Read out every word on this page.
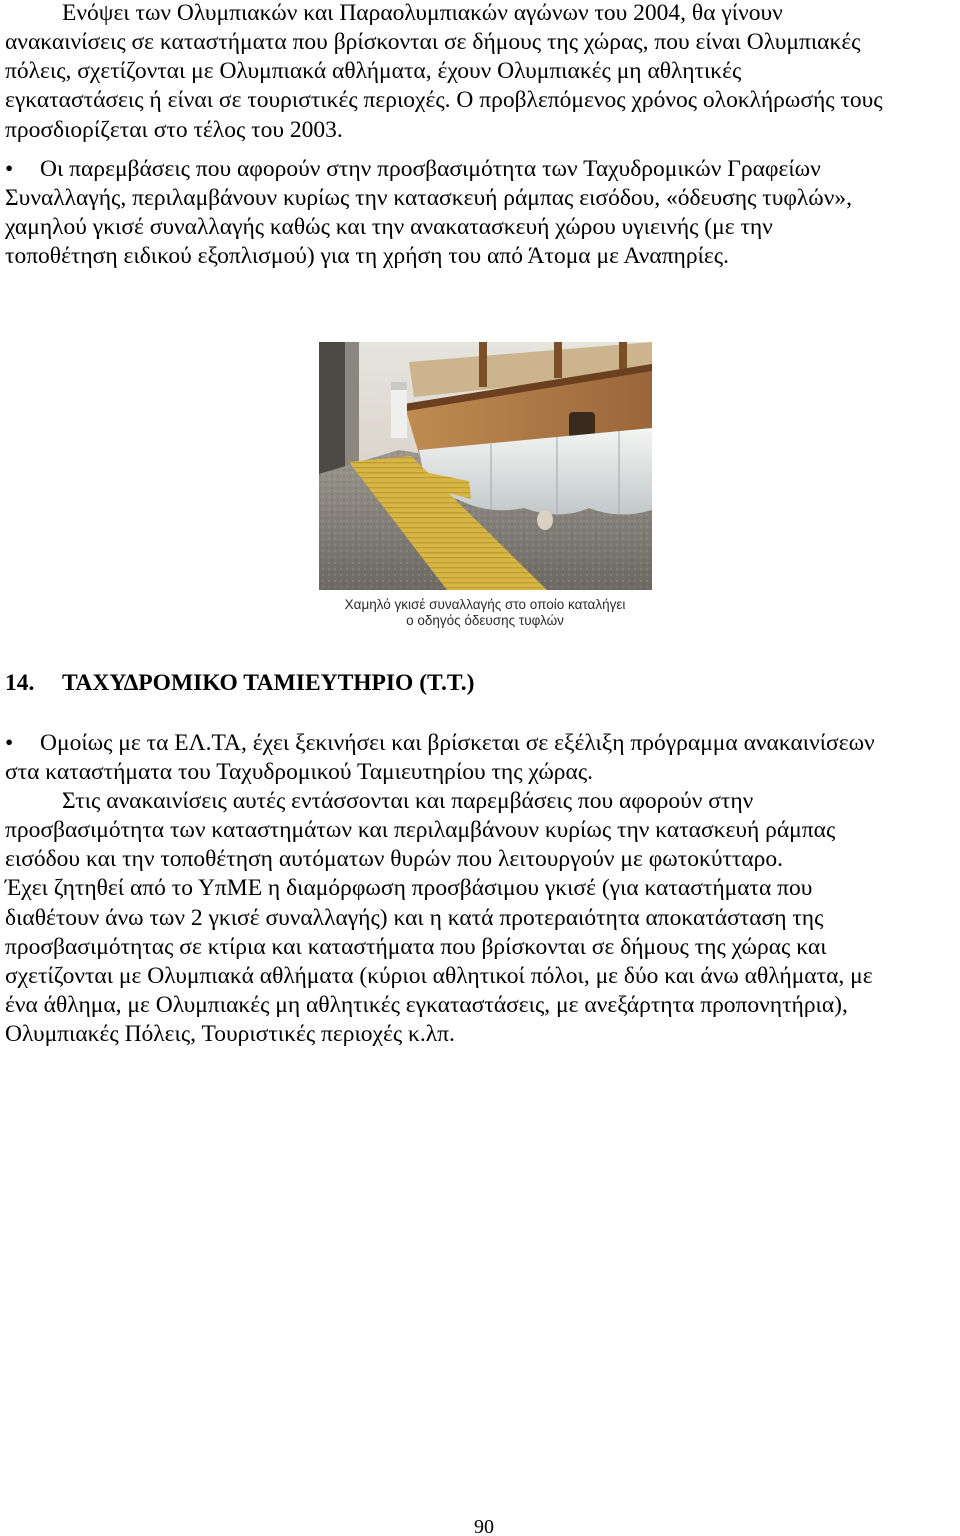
Ενόψει των Ολυμπιακών και Παραολυμπιακών αγώνων του 2004, θα γίνουν
ανακαινίσεις σε καταστήματα που βρίσκονται σε δήμους της χώρας, που είναι Ολυμπιακές
πόλεις, σχετίζονται με Ολυμπιακά αθλήματα, έχουν Ολυμπιακές μη αθλητικές
εγκαταστάσεις ή είναι σε τουριστικές περιοχές. Ο προβλεπόμενος χρόνος ολοκλήρωσής τους
προσδιορίζεται στο τέλος του 2003.
• Οι παρεμβάσεις που αφορούν στην προσβασιμότητα των Ταχυδρομικών Γραφείων
Συναλλαγής, περιλαμβάνουν κυρίως την κατασκευή ράμπας εισόδου, «όδευσης τυφλών»,
χαμηλού γκισέ συναλλαγής καθώς και την ανακατασκευή χώρου υγιεινής (με την
τοποθέτηση ειδικού εξοπλισμού) για τη χρήση του από Άτομα με Αναπηρίες.
Χαμηλό γκισέ συναλλαγής στο οποίο καταλήγει
ο οδηγός όδευσης τυφλών
14. ΤΑΧΥΔΡΟΜΙΚΟ ΤΑΜΙΕΥΤΗΡΙΟ (Τ.Τ.)
• Ομοίως με τα ΕΛ.ΤΑ, έχει ξεκινήσει και βρίσκεται σε εξέλιξη πρόγραμμα ανακαινίσεων
στα καταστήματα του Ταχυδρομικού Ταμιευτηρίου της χώρας.
Στις ανακαινίσεις αυτές εντάσσονται και παρεμβάσεις που αφορούν στην
προσβασιμότητα των καταστημάτων και περιλαμβάνουν κυρίως την κατασκευή ράμπας
εισόδου και την τοποθέτηση αυτόματων θυρών που λειτουργούν με φωτοκύτταρο.
Έχει ζητηθεί από το ΥπΜΕ η διαμόρφωση προσβάσιμου γκισέ (για καταστήματα που
διαθέτουν άνω των 2 γκισέ συναλλαγής) και η κατά προτεραιότητα αποκατάσταση της
προσβασιμότητας σε κτίρια και καταστήματα που βρίσκονται σε δήμους της χώρας και
σχετίζονται με Ολυμπιακά αθλήματα (κύριοι αθλητικοί πόλοι, με δύο και άνω αθλήματα, με
ένα άθλημα, με Ολυμπιακές μη αθλητικές εγκαταστάσεις, με ανεξάρτητα προπονητήρια),
Ολυμπιακές Πόλεις, Τουριστικές περιοχές κ.λπ.
90
